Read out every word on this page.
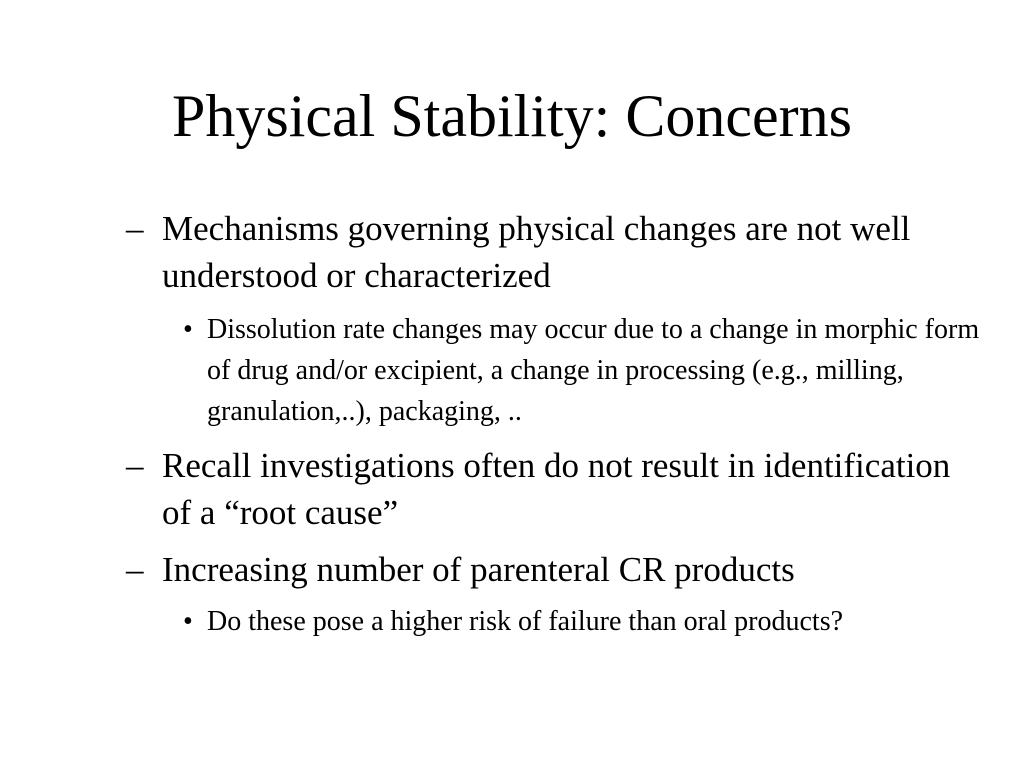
Physical Stability: Concerns
– Mechanisms governing physical changes are not well understood or characterized
• Dissolution rate changes may occur due to a change in morphic form of drug and/or excipient, a change in processing (e.g., milling, granulation,..), packaging, ..
– Recall investigations often do not result in identification of a “root cause”
– Increasing number of parenteral CR products
• Do these pose a higher risk of failure than oral products?
